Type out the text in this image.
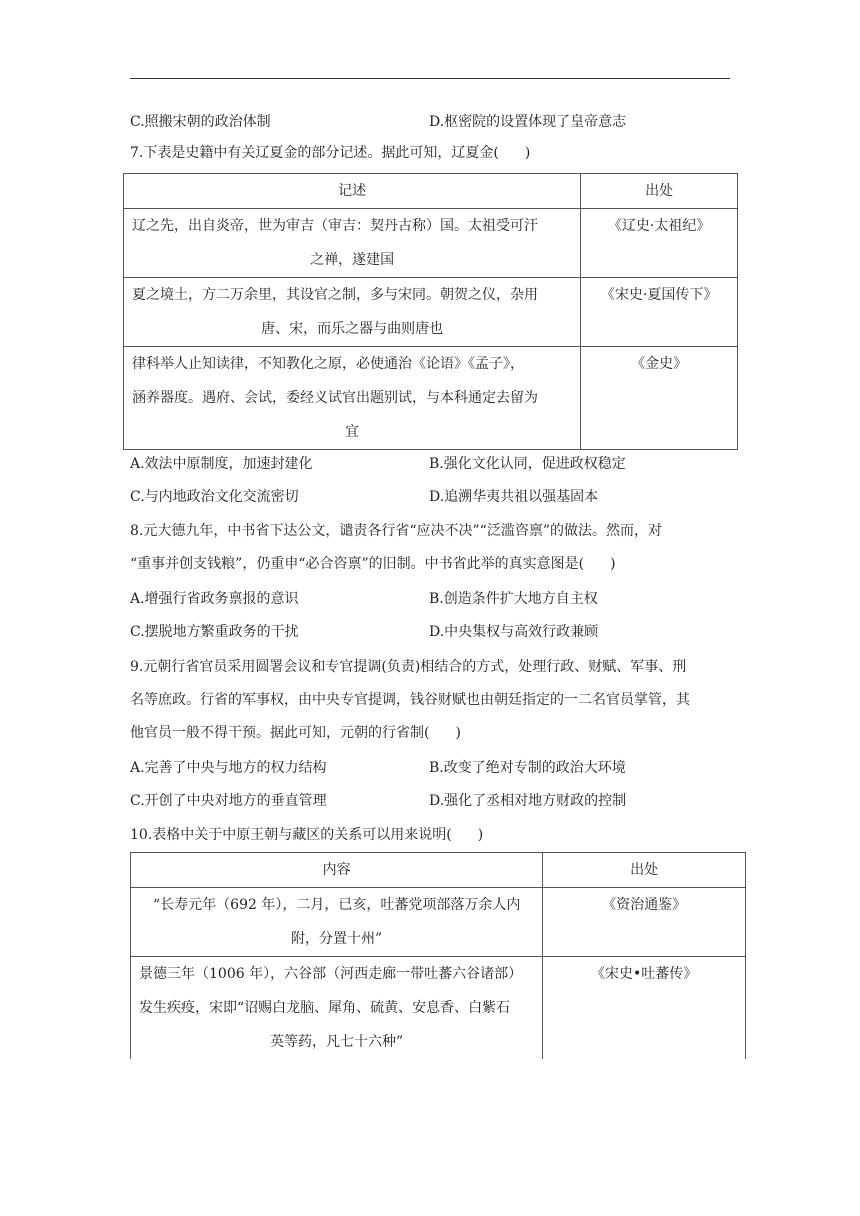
C.照搬宋朝的政治体制	D.枢密院的设置体现了皇帝意志
7.下表是史籍中有关辽夏金的部分记述。据此可知，辽夏金( )
记述	出处

辽之先，出自炎帝，世为审吉（审吉：契丹古称）国。太祖受可汗
之禅，遂建国	《辽史·太祖纪》

夏之境土，方二万余里，其设官之制，多与宋同。朝贺之仪，杂用
唐、宋，而乐之器与曲则唐也	《宋史·夏国传下》

律科举人止知读律，不知教化之原，必使通治《论语》《孟子》，
涵养器度。遇府、会试，委经义试官出题别试，与本科通定去留为
宜	《金史》
A.效法中原制度，加速封建化	B.强化文化认同，促进政权稳定
C.与内地政治文化交流密切	D.追溯华夷共祖以强基固本
8.元大德九年，中书省下达公文，谴责各行省“应决不决”“泛滥咨禀”的做法。然而，对
“重事并创支钱粮”，仍重申“必合咨禀”的旧制。中书省此举的真实意图是( )
A.增强行省政务禀报的意识	B.创造条件扩大地方自主权
C.摆脱地方繁重政务的干扰	D.中央集权与高效行政兼顾
9.元朝行省官员采用圆署会议和专官提调(负责)相结合的方式，处理行政、财赋、军事、刑
名等庶政。行省的军事权，由中央专官提调，钱谷财赋也由朝廷指定的一二名官员掌管，其
他官员一般不得干预。据此可知，元朝的行省制( )
A.完善了中央与地方的权力结构	B.改变了绝对专制的政治大环境
C.开创了中央对地方的垂直管理	D.强化了丞相对地方财政的控制
10.表格中关于中原王朝与藏区的关系可以用来说明( )
内容	出处

“长寿元年（692 年），二月，已亥，吐蕃党项部落万余人内
附，分置十州”	《资治通鉴》

景德三年（1006 年），六谷部（河西走廊一带吐蕃六谷诸部）
发生疾疫，宋即“诏赐白龙脑、犀角、硫黄、安息香、白紫石
英等药，凡七十六种”	《宋史•吐蕃传》
